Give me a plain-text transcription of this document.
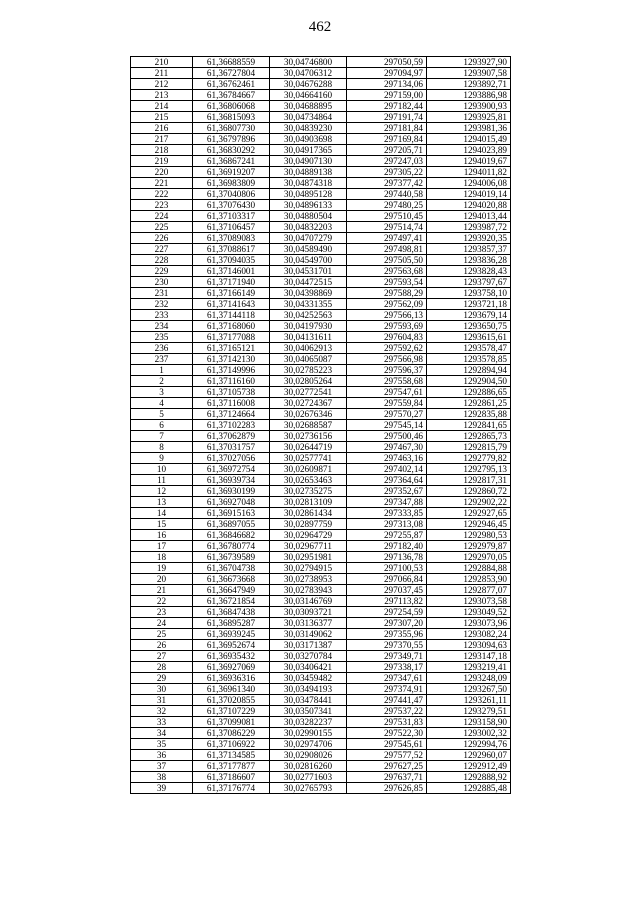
462
210	61,36688559	30,04746800	297050,59	1293927,90
211	61,36727804	30,04706312	297094,97	1293907,58
212	61,36762461	30,04676288	297134,06	1293892,71
213	61,36784667	30,04664160	297159,00	1293886,98
214	61,36806068	30,04688895	297182,44	1293900,93
215	61,36815093	30,04734864	297191,74	1293925,81
216	61,36807730	30,04839230	297181,84	1293981,36
217	61,36797896	30,04903698	297169,84	1294015,49
218	61,36830292	30,04917365	297205,71	1294023,89
219	61,36867241	30,04907130	297247,03	1294019,67
220	61,36919207	30,04889138	297305,22	1294011,82
221	61,36983809	30,04874318	297377,42	1294006,08
222	61,37040806	30,04895128	297440,58	1294019,14
223	61,37076430	30,04896133	297480,25	1294020,88
224	61,37103317	30,04880504	297510,45	1294013,44
225	61,37106457	30,04832203	297514,74	1293987,72
226	61,37089083	30,04707279	297497,41	1293920,35
227	61,37088617	30,04589490	297498,81	1293857,37
228	61,37094035	30,04549700	297505,50	1293836,28
229	61,37146001	30,04531701	297563,68	1293828,43
230	61,37171940	30,04472515	297593,54	1293797,67
231	61,37166149	30,04398869	297588,29	1293758,10
232	61,37141643	30,04331355	297562,09	1293721,18
233	61,37144118	30,04252563	297566,13	1293679,14
234	61,37168060	30,04197930	297593,69	1293650,75
235	61,37177088	30,04131611	297604,83	1293615,61
236	61,37165121	30,04062913	297592,62	1293578,47
237	61,37142130	30,04065087	297566,98	1293578,85
1	61,37149996	30,02785223	297596,37	1292894,94
2	61,37116160	30,02805264	297558,68	1292904,50
3	61,37105738	30,02772541	297547,61	1292886,65
4	61,37116008	30,02724367	297559,84	1292861,25
5	61,37124664	30,02676346	297570,27	1292835,88
6	61,37102283	30,02688587	297545,14	1292841,65
7	61,37062879	30,02736156	297500,46	1292865,73
8	61,37031757	30,02644719	297467,30	1292815,79
9	61,37027056	30,02577741	297463,16	1292779,82
10	61,36972754	30,02609871	297402,14	1292795,13
11	61,36939734	30,02653463	297364,64	1292817,31
12	61,36930199	30,02735275	297352,67	1292860,72
13	61,36927048	30,02813109	297347,88	1292902,22
14	61,36915163	30,02861434	297333,85	1292927,65
15	61,36897055	30,02897759	297313,08	1292946,45
16	61,36846682	30,02964729	297255,87	1292980,53
17	61,36780774	30,02967711	297182,40	1292979,87
18	61,36739589	30,02951981	297136,78	1292970,05
19	61,36704738	30,02794915	297100,53	1292884,88
20	61,36673668	30,02738953	297066,84	1292853,90
21	61,36647949	30,02783943	297037,45	1292877,07
22	61,36721854	30,03146769	297113,82	1293073,58
23	61,36847438	30,03093721	297254,59	1293049,52
24	61,36895287	30,03136377	297307,20	1293073,96
25	61,36939245	30,03149062	297355,96	1293082,24
26	61,36952674	30,03171387	297370,55	1293094,63
27	61,36935432	30,03270784	297349,71	1293147,18
28	61,36927069	30,03406421	297338,17	1293219,41
29	61,36936316	30,03459482	297347,61	1293248,09
30	61,36961340	30,03494193	297374,91	1293267,50
31	61,37020855	30,03478441	297441,47	1293261,11
32	61,37107229	30,03507341	297537,22	1293279,51
33	61,37099081	30,03282237	297531,83	1293158,90
34	61,37086229	30,02990155	297522,30	1293002,32
35	61,37106922	30,02974706	297545,61	1292994,76
36	61,37134585	30,02908026	297577,52	1292960,07
37	61,37177877	30,02816260	297627,25	1292912,49
38	61,37186607	30,02771603	297637,71	1292888,92
39	61,37176774	30,02765793	297626,85	1292885,48
